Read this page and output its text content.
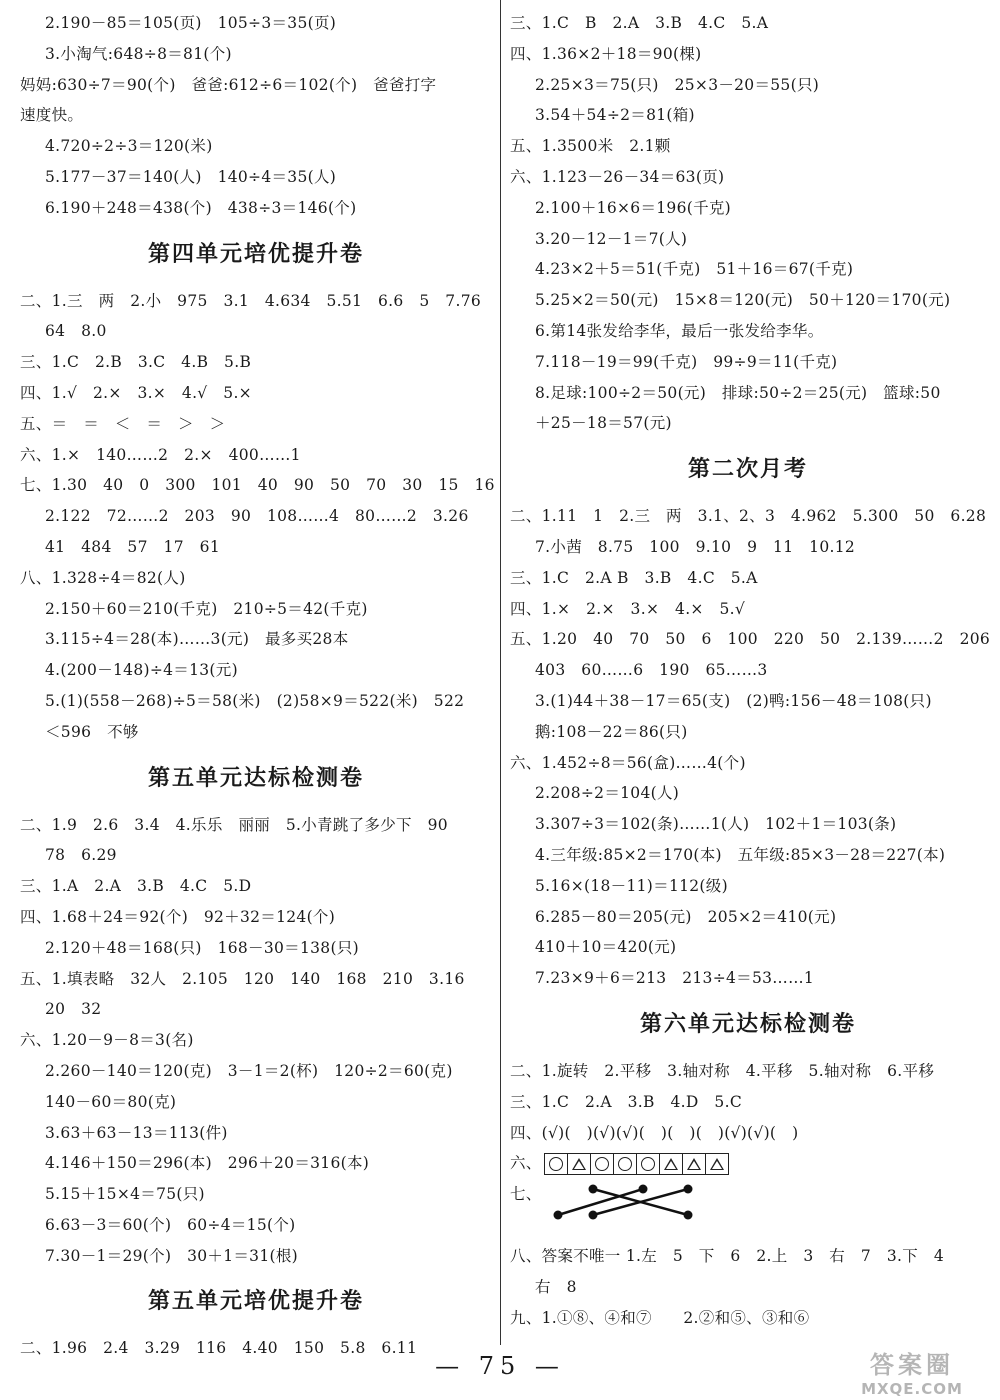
2.190－85＝105(页)　105÷3＝35(页)
3.小淘气:648÷8＝81(个)
妈妈:630÷7＝90(个)　爸爸:612÷6＝102(个)　爸爸打字
速度快。
4.720÷2÷3＝120(米)
5.177－37＝140(人)　140÷4＝35(人)
6.190＋248＝438(个)　438÷3＝146(个)
第四单元培优提升卷
二、1.三　两　2.小　975　3.1　4.634　5.51　6.6　5　7.76
64　8.0
三、1.C　2.B　3.C　4.B　5.B
四、1.√　2.×　3.×　4.√　5.×
五、＝　＝　＜　＝　＞　＞
六、1.×　140……2　2.×　400……1
七、1.30　40　0　300　101　40　90　50　70　30　15　16
2.122　72……2　203　90　108……4　80……2　3.26
41　484　57　17　61
八、1.328÷4＝82(人)
2.150＋60＝210(千克)　210÷5＝42(千克)
3.115÷4＝28(本)……3(元)　最多买28本
4.(200－148)÷4＝13(元)
5.(1)(558－268)÷5＝58(米)　(2)58×9＝522(米)　522
＜596　不够
第五单元达标检测卷
二、1.9　2.6　3.4　4.乐乐　丽丽　5.小青跳了多少下　90
78　6.29
三、1.A　2.A　3.B　4.C　5.D
四、1.68＋24＝92(个)　92＋32＝124(个)
2.120＋48＝168(只)　168－30＝138(只)
五、1.填表略　32人　2.105　120　140　168　210　3.16
20　32
六、1.20－9－8＝3(名)
2.260－140＝120(克)　3－1＝2(杯)　120÷2＝60(克)
140－60＝80(克)
3.63＋63－13＝113(件)
4.146＋150＝296(本)　296＋20＝316(本)
5.15＋15×4＝75(只)
6.63－3＝60(个)　60÷4＝15(个)
7.30－1＝29(个)　30＋1＝31(根)
第五单元培优提升卷
二、1.96　2.4　3.29　116　4.40　150　5.8　6.11
三、1.C　B　2.A　3.B　4.C　5.A
四、1.36×2＋18＝90(棵)
2.25×3＝75(只)　25×3－20＝55(只)
3.54＋54÷2＝81(箱)
五、1.3500米　2.1颗
六、1.123－26－34＝63(页)
2.100＋16×6＝196(千克)
3.20－12－1＝7(人)
4.23×2＋5＝51(千克)　51＋16＝67(千克)
5.25×2＝50(元)　15×8＝120(元)　50＋120＝170(元)
6.第14张发给李华，最后一张发给李华。
7.118－19＝99(千克)　99÷9＝11(千克)
8.足球:100÷2＝50(元)　排球:50÷2＝25(元)　篮球:50
＋25－18＝57(元)
第二次月考
二、1.11　1　2.三　两　3.1、2、3　4.962　5.300　50　6.28
7.小茜　8.75　100　9.10　9　11　10.12
三、1.C　2.A B　3.B　4.C　5.A
四、1.×　2.×　3.×　4.×　5.√
五、1.20　40　70　50　6　100　220　50　2.139……2　206
403　60……6　190　65……3
3.(1)44＋38－17＝65(支)　(2)鸭:156－48＝108(只)
鹅:108－22＝86(只)
六、1.452÷8＝56(盒)……4(个)
2.208÷2＝104(人)
3.307÷3＝102(条)……1(人)　102＋1＝103(条)
4.三年级:85×2＝170(本)　五年级:85×3－28＝227(本)
5.16×(18－11)＝112(级)
6.285－80＝205(元)　205×2＝410(元)
410＋10＝420(元)
7.23×9＋6＝213　213÷4＝53……1
第六单元达标检测卷
二、1.旋转　2.平移　3.轴对称　4.平移　5.轴对称　6.平移
三、1.C　2.A　3.B　4.D　5.C
四、(√)(　)(√)(√)(　)(　)(　)(√)(√)(　)
六、
七、
八、答案不唯一 1.左　5　下　6　2.上　3　右　7　3.下　4
右　8
九、1.①⑧、④和⑦　　2.②和⑤、③和⑥
— 75 —	答案圈
MXQE.COM
